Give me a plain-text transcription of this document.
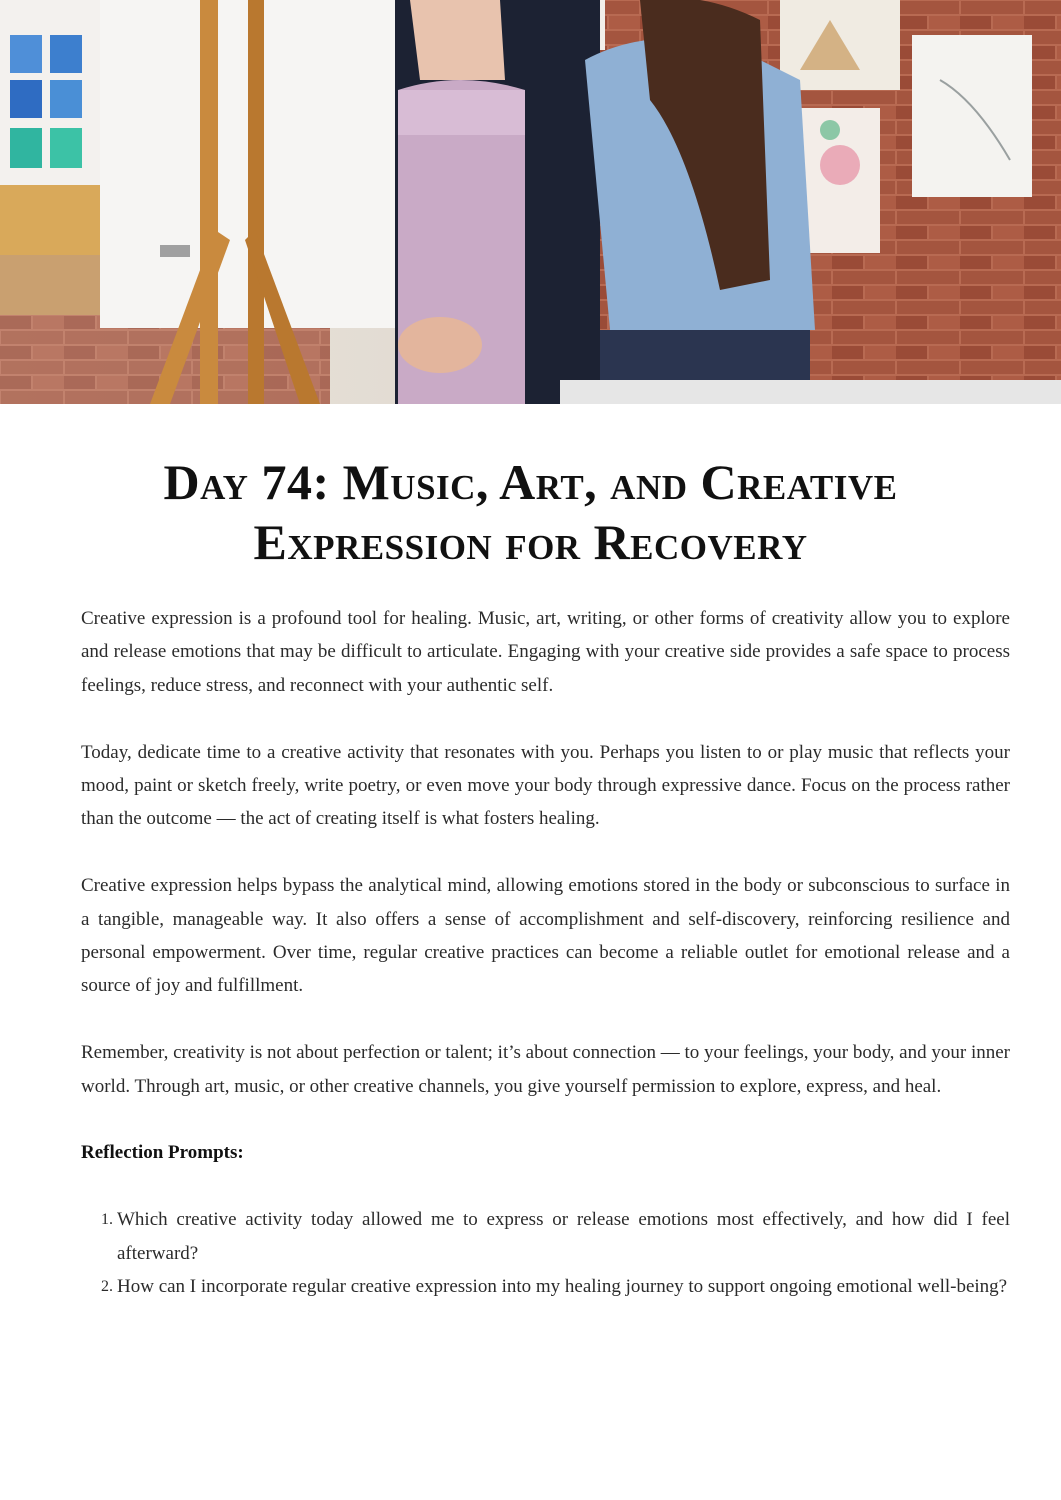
Day 74: Music, Art, and Creative
Expression for Recovery

Creative expression is a profound tool for healing. Music, art, writing, or other forms of creativity allow you to explore and release emotions that may be difficult to articulate. Engaging with your creative side provides a safe space to process feelings, reduce stress, and reconnect with your authentic self.

Today, dedicate time to a creative activity that resonates with you. Perhaps you listen to or play music that reflects your mood, paint or sketch freely, write poetry, or even move your body through expressive dance. Focus on the process rather than the outcome — the act of creating itself is what fosters healing.

Creative expression helps bypass the analytical mind, allowing emotions stored in the body or subconscious to surface in a tangible, manageable way. It also offers a sense of accomplishment and self-discovery, reinforcing resilience and personal empowerment. Over time, regular creative practices can become a reliable outlet for emotional release and a source of joy and fulfillment.

Remember, creativity is not about perfection or talent; it’s about connection — to your feelings, your body, and your inner world. Through art, music, or other creative channels, you give yourself permission to explore, express, and heal.

Reflection Prompts:

1. Which creative activity today allowed me to express or release emotions most effectively, and how did I feel afterward?
2. How can I incorporate regular creative expression into my healing journey to support ongoing emotional well-being?
